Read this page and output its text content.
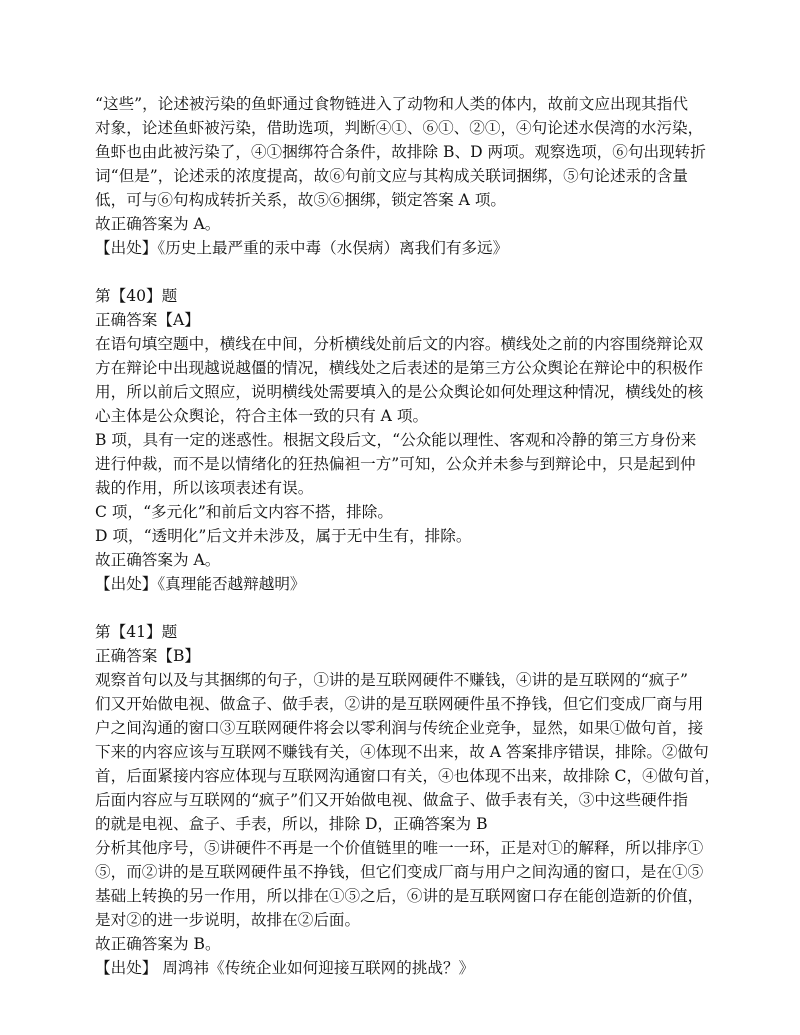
“这些”，论述被污染的鱼虾通过食物链进入了动物和人类的体内，故前文应出现其指代
对象，论述鱼虾被污染，借助选项，判断④①、⑥①、②①，④句论述水俣湾的水污染，
鱼虾也由此被污染了，④①捆绑符合条件，故排除 B、D 两项。观察选项，⑥句出现转折
词“但是”，论述汞的浓度提高，故⑥句前文应与其构成关联词捆绑，⑤句论述汞的含量
低，可与⑥句构成转折关系，故⑤⑥捆绑，锁定答案 A 项。
故正确答案为 A。
【出处】《历史上最严重的汞中毒（水俣病）离我们有多远》
第【40】题
正确答案【A】
在语句填空题中，横线在中间，分析横线处前后文的内容。横线处之前的内容围绕辩论双
方在辩论中出现越说越僵的情况，横线处之后表述的是第三方公众舆论在辩论中的积极作
用，所以前后文照应，说明横线处需要填入的是公众舆论如何处理这种情况，横线处的核
心主体是公众舆论，符合主体一致的只有 A 项。
B 项，具有一定的迷惑性。根据文段后文，“公众能以理性、客观和冷静的第三方身份来
进行仲裁，而不是以情绪化的狂热偏袒一方”可知，公众并未参与到辩论中，只是起到仲
裁的作用，所以该项表述有误。
C 项，“多元化”和前后文内容不搭，排除。
D 项，“透明化”后文并未涉及，属于无中生有，排除。
故正确答案为 A。
【出处】《真理能否越辩越明》
第【41】题
正确答案【B】
观察首句以及与其捆绑的句子，①讲的是互联网硬件不赚钱，④讲的是互联网的“疯子”
们又开始做电视、做盒子、做手表，②讲的是互联网硬件虽不挣钱，但它们变成厂商与用
户之间沟通的窗口③互联网硬件将会以零利润与传统企业竞争，显然，如果①做句首，接
下来的内容应该与互联网不赚钱有关，④体现不出来，故 A 答案排序错误，排除。②做句
首，后面紧接内容应体现与互联网沟通窗口有关，④也体现不出来，故排除 C，④做句首，
后面内容应与互联网的“疯子”们又开始做电视、做盒子、做手表有关，③中这些硬件指
的就是电视、盒子、手表，所以，排除 D，正确答案为 B
分析其他序号，⑤讲硬件不再是一个价值链里的唯一一环，正是对①的解释，所以排序①
⑤，而②讲的是互联网硬件虽不挣钱，但它们变成厂商与用户之间沟通的窗口，是在①⑤
基础上转换的另一作用，所以排在①⑤之后，⑥讲的是互联网窗口存在能创造新的价值，
是对②的进一步说明，故排在②后面。
故正确答案为 B。
【出处】 周鸿祎《传统企业如何迎接互联网的挑战？》
